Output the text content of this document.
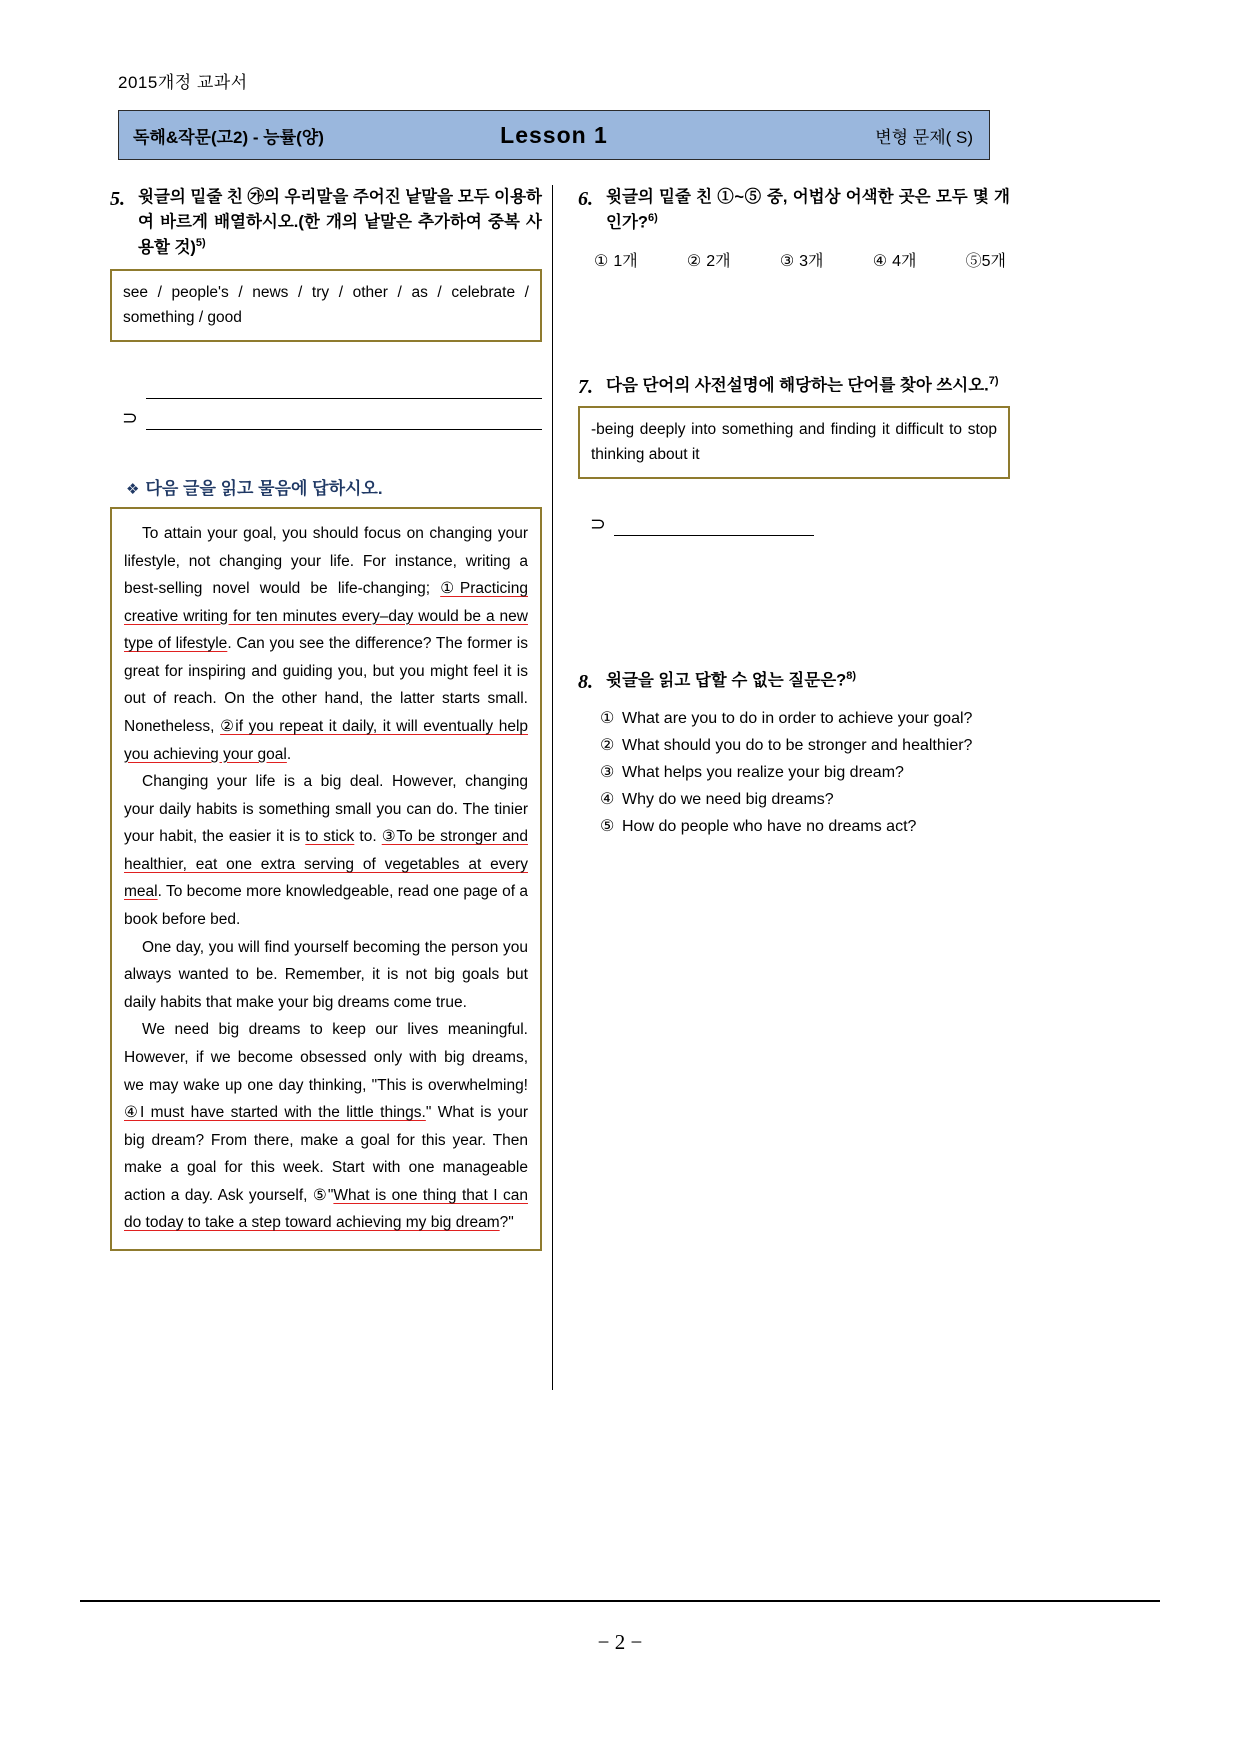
2015개정 교과서
독해&작문(고2) - 능률(양)	Lesson 1	변형 문제( S)
5. 윗글의 밑줄 친 ㉮의 우리말을 주어진 낱말을 모두 이용하여 바르게 배열하시오.(한 개의 낱말은 추가하여 중복 사용할 것)$^{5)}$
see / people's / news / try / other / as / celebrate / something / good
⊃
❖ 다음 글을 읽고 물음에 답하시오.

To attain your goal, you should focus on changing your lifestyle, not changing your life. For instance, writing a best-selling novel would be life-changing; ①Practicing creative writing for ten minutes every–day would be a new type of lifestyle. Can you see the difference? The former is great for inspiring and guiding you, but you might feel it is out of reach. On the other hand, the latter starts small. Nonetheless, ②if you repeat it daily, it will eventually help you achieving your goal.

Changing your life is a big deal. However, changing your daily habits is something small you can do. The tinier your habit, the easier it is to stick to. ③To be stronger and healthier, eat one extra serving of vegetables at every meal. To become more knowledgeable, read one page of a book before bed.

One day, you will find yourself becoming the person you always wanted to be. Remember, it is not big goals but daily habits that make your big dreams come true.

We need big dreams to keep our lives meaningful. However, if we become obsessed only with big dreams, we may wake up one day thinking, "This is overwhelming! ④I must have started with the little things." What is your big dream? From there, make a goal for this year. Then make a goal for this week. Start with one manageable action a day. Ask yourself, ⑤"What is one thing that I can do today to take a step toward achieving my big dream?"

6. 윗글의 밑줄 친 ①~⑤ 중, 어법상 어색한 곳은 모두 몇 개인가?$^{6)}$
① 1개	② 2개	③ 3개	④ 4개	⑤5개
7. 다음 단어의 사전설명에 해당하는 단어를 찾아 쓰시오.$^{7)}$
-being deeply into something and finding it difficult to stop thinking about it
⊃
8. 윗글을 읽고 답할 수 없는 질문은?$^{8)}$
① What are you to do in order to achieve your goal?
② What should you do to be stronger and healthier?
③ What helps you realize your big dream?
④ Why do we need big dreams?
⑤ How do people who have no dreams act?
− 2 −
